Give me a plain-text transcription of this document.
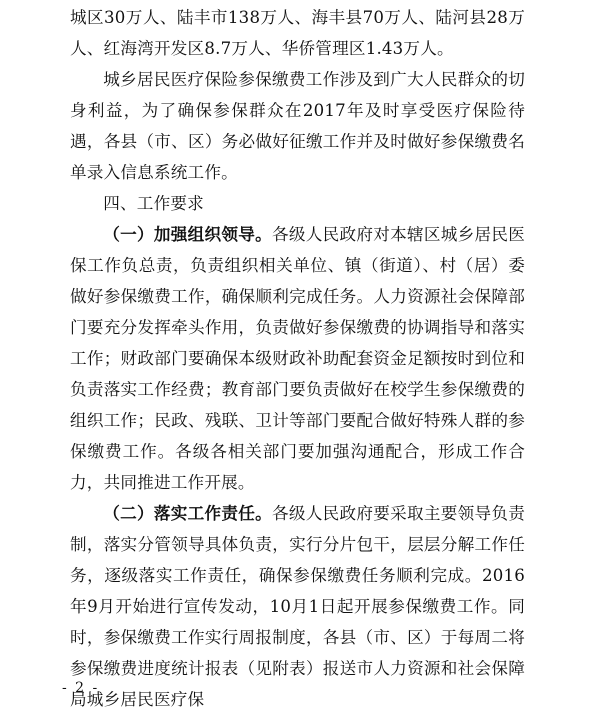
城区30万人、陆丰市138万人、海丰县70万人、陆河县28万人、红海湾开发区8.7万人、华侨管理区1.43万人。

城乡居民医疗保险参保缴费工作涉及到广大人民群众的切身利益，为了确保参保群众在2017年及时享受医疗保险待遇，各县（市、区）务必做好征缴工作并及时做好参保缴费名单录入信息系统工作。

四、工作要求

（一）加强组织领导。各级人民政府对本辖区城乡居民医保工作负总责，负责组织相关单位、镇（街道）、村（居）委做好参保缴费工作，确保顺利完成任务。人力资源社会保障部门要充分发挥牵头作用，负责做好参保缴费的协调指导和落实工作；财政部门要确保本级财政补助配套资金足额按时到位和负责落实工作经费；教育部门要负责做好在校学生参保缴费的组织工作；民政、残联、卫计等部门要配合做好特殊人群的参保缴费工作。各级各相关部门要加强沟通配合，形成工作合力，共同推进工作开展。

（二）落实工作责任。各级人民政府要采取主要领导负责制，落实分管领导具体负责，实行分片包干，层层分解工作任务，逐级落实工作责任，确保参保缴费任务顺利完成。2016年9月开始进行宣传发动，10月1日起开展参保缴费工作。同时，参保缴费工作实行周报制度，各县（市、区）于每周二将参保缴费进度统计报表（见附表）报送市人力资源和社会保障局城乡居民医疗保

- 2 -
